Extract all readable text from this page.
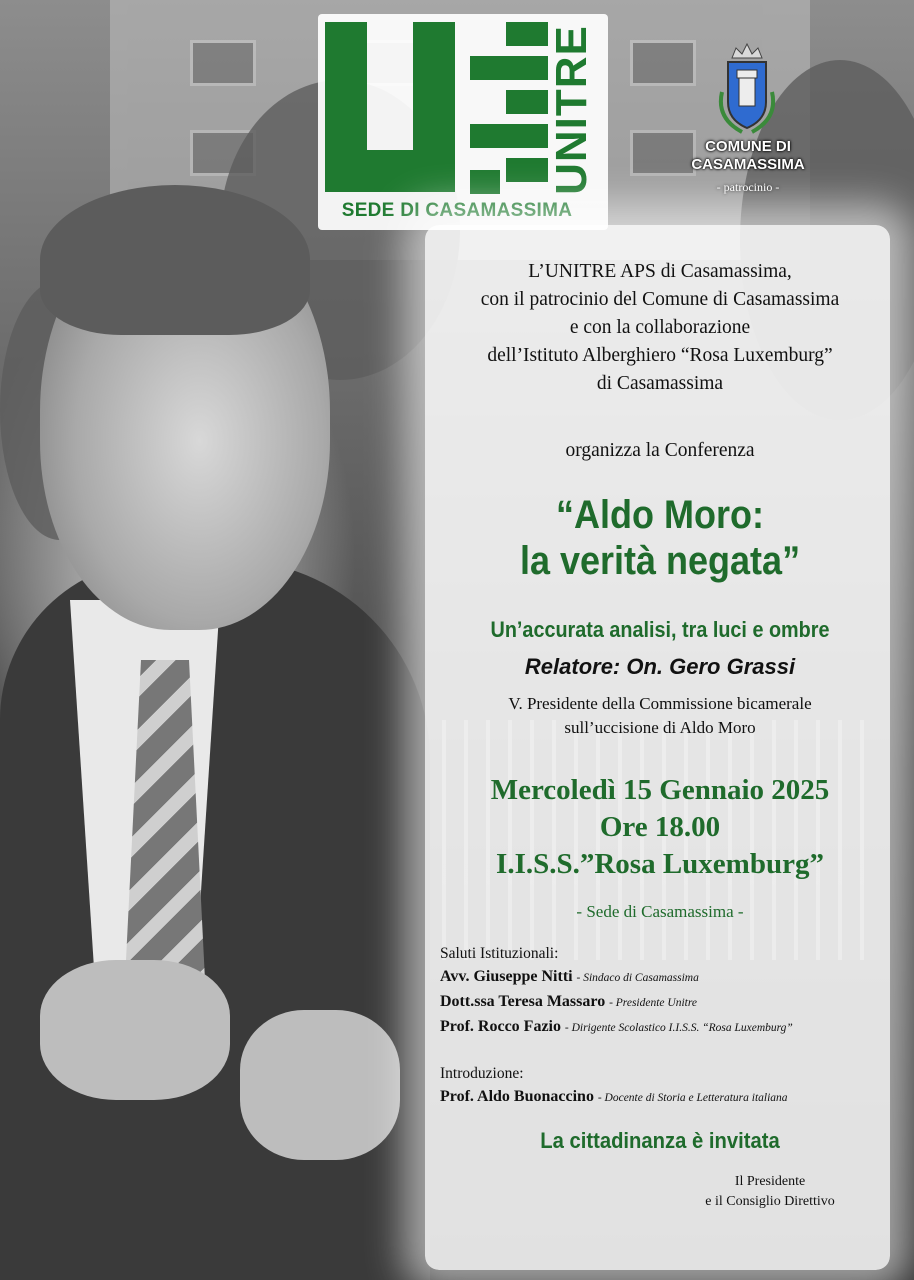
UNITRE
SEDE DI CASAMASSIMA
COMUNE DI
CASAMASSIMA
- patrocinio -
L’UNITRE APS di Casamassima,
con il patrocinio del Comune di Casamassima
e con la collaborazione
dell’Istituto Alberghiero “Rosa Luxemburg”
di Casamassima
organizza la Conferenza
“Aldo Moro:
la verità negata”
Un’accurata analisi, tra luci e ombre
Relatore: On. Gero Grassi
V. Presidente della Commissione bicamerale
sull’uccisione di Aldo Moro
Mercoledì 15 Gennaio 2025
Ore 18.00
I.I.S.S.”Rosa Luxemburg”
- Sede di Casamassima -
Saluti Istituzionali:
Avv. Giuseppe Nitti - Sindaco di Casamassima
Dott.ssa Teresa Massaro - Presidente Unitre
Prof. Rocco Fazio - Dirigente Scolastico I.I.S.S. “Rosa Luxemburg”
Introduzione:
Prof. Aldo Buonaccino - Docente di Storia e Letteratura italiana
La cittadinanza è invitata
Il Presidente
e il Consiglio Direttivo
